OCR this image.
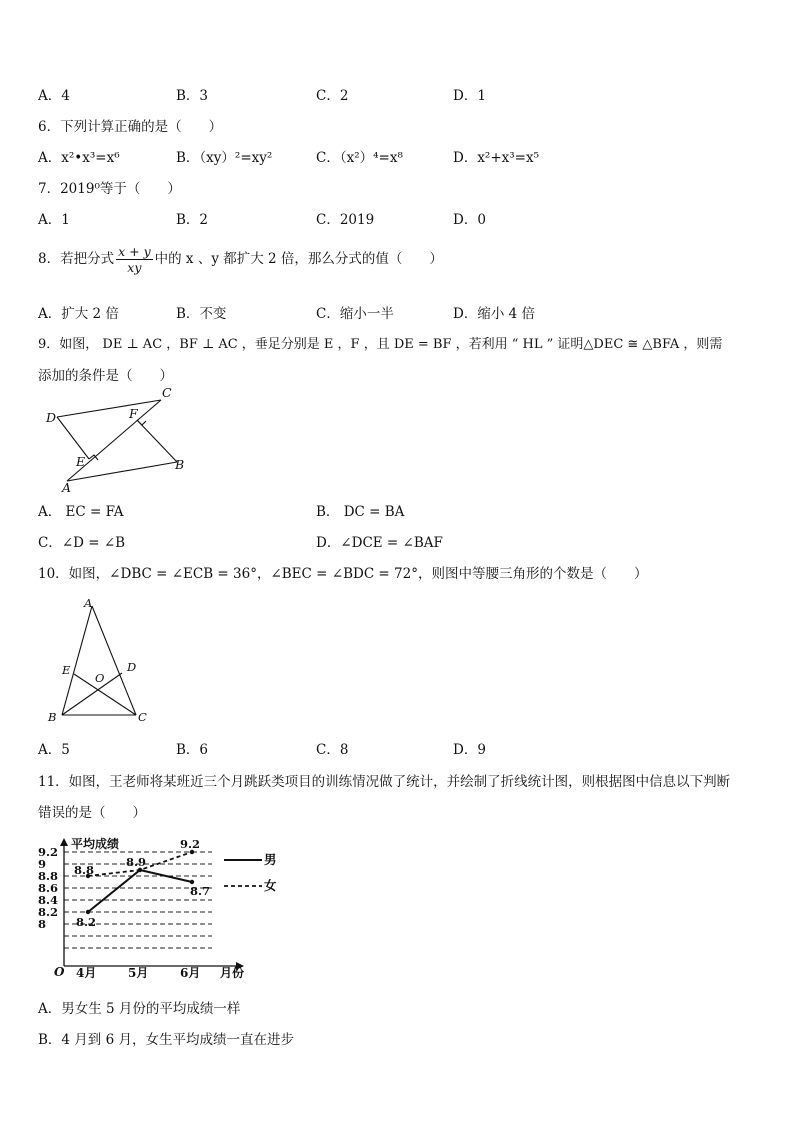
A．4	B．3	C．2	D．1
6．下列计算正确的是（　　）
A．x²•x³=x⁶	B．（xy）²=xy²	C．（x²）⁴=x⁸	D．x²+x³=x⁵
7．2019⁰等于（　　）
A．1	B．2	C．2019	D．0
8．若把分式 $\frac{x + y}{xy}$ 中的 x 、y 都扩大 2 倍，那么分式的值（　　）
A．扩大 2 倍	B．不变	C．缩小一半	D．缩小 4 倍
9．如图， DE ⊥ AC ，BF ⊥ AC ，垂足分别是 E ，F ，且 DE = BF ，若利用 “ HL ” 证明△DEC ≅ △BFA ，则需
添加的条件是（　　）
D
C
F
E
A
B
A． EC = FA	B． DC = BA
C．∠D = ∠B	D．∠DCE = ∠BAF
10．如图，∠DBC = ∠ECB = 36°，∠BEC = ∠BDC = 72°，则图中等腰三角形的个数是（　　）
A
E	D
O
B	C
A．5	B．6	C．8	D．9
11．如图，王老师将某班近三个月跳跃类项目的训练情况做了统计，并绘制了折线统计图，则根据图中信息以下判断
错误的是（　　）
平均成绩
月份
O
9.2
9
8.8
8.6
8.4
8.2
8
4月	5月	6月
8.2
8.9
8.7
8.8
9.2
男
女
A．男女生 5 月份的平均成绩一样
B．4 月到 6 月，女生平均成绩一直在进步
